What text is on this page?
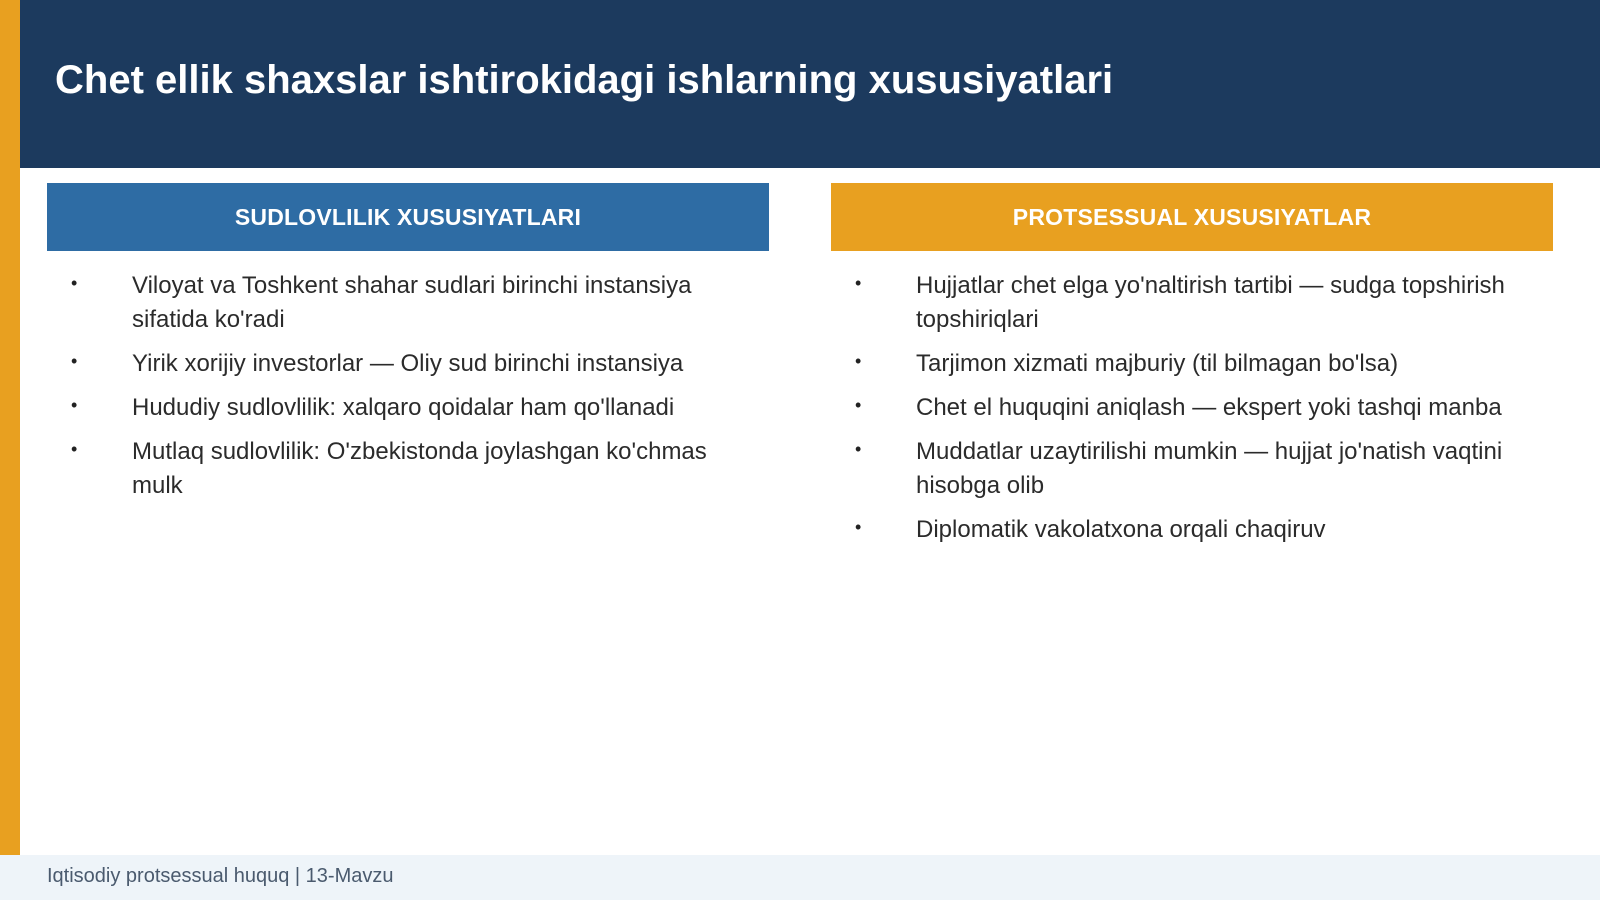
Chet ellik shaxslar ishtirokidagi ishlarning xususiyatlari
SUDLOVLILIK XUSUSIYATLARI
• Viloyat va Toshkent shahar sudlari birinchi instansiya sifatida ko'radi
• Yirik xorijiy investorlar — Oliy sud birinchi instansiya
• Hududiy sudlovlilik: xalqaro qoidalar ham qo'llanadi
• Mutlaq sudlovlilik: O'zbekistonda joylashgan ko'chmas mulk
PROTSESSUAL XUSUSIYATLAR
• Hujjatlar chet elga yo'naltirish tartibi — sudga topshirish topshiriqlari
• Tarjimon xizmati majburiy (til bilmagan bo'lsa)
• Chet el huquqini aniqlash — ekspert yoki tashqi manba
• Muddatlar uzaytirilishi mumkin — hujjat jo'natish vaqtini hisobga olib
• Diplomatik vakolatxona orqali chaqiruv
Iqtisodiy protsessual huquq | 13-Mavzu
